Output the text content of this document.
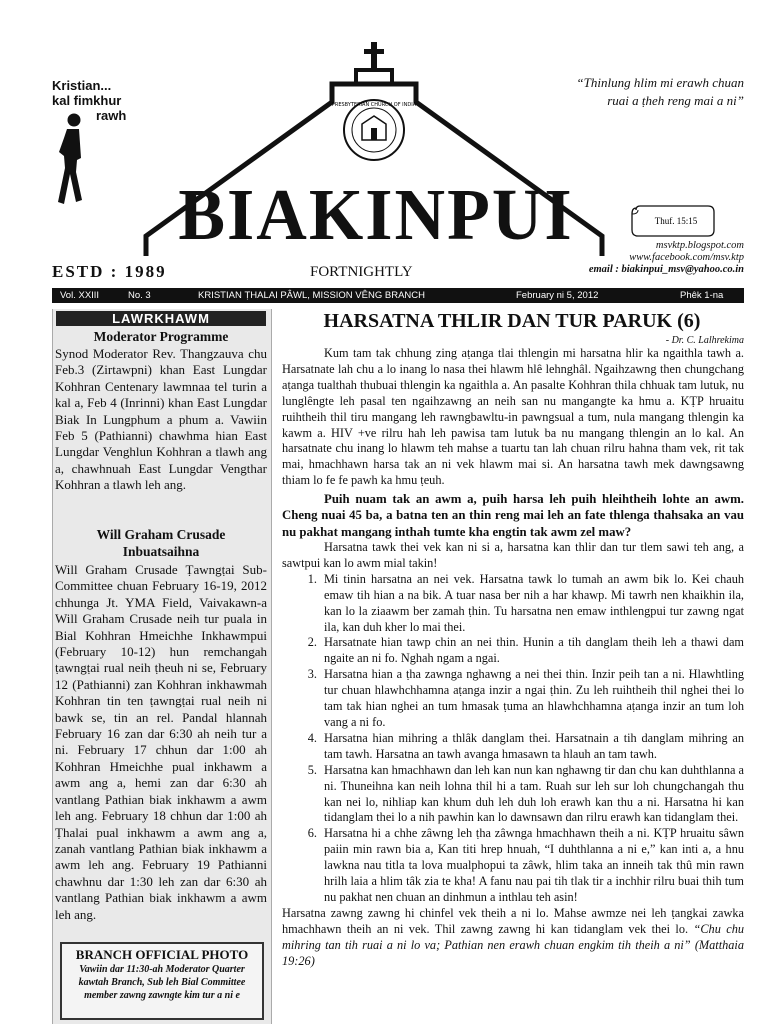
Kristian...
kal fimkhur
rawh
“Thinlung hlim mi erawh chuan
ruai a ṭheh reng mai a ni”
PRESBYTERIAN CHURCH OF INDIA
BIAKINPUI	Thuf. 15:15
ESTD : 1989	FORTNIGHTLY
msvktp.blogspot.com
www.facebook.com/msv.ktp
email : biakinpui_msv@yahoo.co.in
Vol. XXIII	No. 3	KRISTIAN ṬHALAI PÂWL, MISSION VÊNG BRANCH	February ni 5, 2012	Phêk 1-na
LAWRKHAWM
Moderator Programme
Synod Moderator Rev. Thangzauva chu Feb.3 (Zirtawpni) khan East Lungdar Kohhran Centenary lawmnaa tel turin a kal a, Feb 4 (Inrinni) khan East Lungdar Biak In Lungphum a phum a. Vawiin Feb 5 (Pathianni) chawhma hian East Lungdar Venghlun Kohhran a tlawh ang a, chawhnuah East Lungdar Vengthar Kohhran a tlawh leh ang.
Will Graham Crusade
Inbuatsaihna
Will Graham Crusade Ṭawngṭai Sub-Committee chuan February 16-19, 2012 chhunga Jt. YMA Field, Vaivakawn-a Will Graham Crusade neih tur puala in Bial Kohhran Hmeichhe Inkhawmpui (February 10-12) hun remchangah ṭawngṭai rual neih ṭheuh ni se, February 12 (Pathianni) zan Kohhran inkhawmah Kohhran tin ten ṭawngṭai rual neih ni bawk se, tin an rel. Pandal hlannah February 16 zan dar 6:30 ah neih tur a ni. February 17 chhun dar 1:00 ah Kohhran Hmeichhe pual inkhawm a awm ang a, hemi zan dar 6:30 ah vantlang Pathian biak inkhawm a awm leh ang. February 18 chhun dar 1:00 ah Ṭhalai pual inkhawm a awm ang a, zanah vantlang Pathian biak inkhawm a awm leh ang. February 19 Pathianni chawhnu dar 1:30 leh zan dar 6:30 ah vantlang Pathian biak inkhawm a awm leh ang.
BRANCH OFFICIAL PHOTO
Vawiin dar 11:30-ah Moderator Quarter
kawtah Branch, Sub leh Bial Committee
member zawng zawngte kim tur a ni e
HARSATNA THLIR DAN TUR PARUK (6)
- Dr. C. Lalhrekima

Kum tam tak chhung zing aṭanga tlai thlengin mi harsatna hlir ka ngaithla tawh a. Harsatnate lah chu a lo inang lo nasa thei hlawm hlê lehnghâl. Ngaihzawng then chungchang aṭanga tualthah thubuai thlengin ka ngaithla a. An pasalte Kohhran thila chhuak tam lutuk, nu lunglêngte leh pasal ten ngaihzawng an neih san nu mangangte ka hmu a. KṬP hruaitu ruihtheih thil tiru mangang leh rawngbawltu-in pawngsual a tum, nula mangang thlengin ka kawm a. HIV +ve rilru hah leh pawisa tam lutuk ba nu mangang thlengin an lo kal. An harsatnate chu inang lo hlawm teh mahse a tuartu tan lah chuan rilru hahna tham vek, rit tak mai, hmachhawn harsa tak an ni vek hlawm mai si. An harsatna tawh mek dawngsawng thiam lo fe fe pawh ka hmu ṭeuh.

Puih nuam tak an awm a, puih harsa leh puih hleihtheih lohte an awm. Cheng nuai 45 ba, a batna ten an thin reng mai leh an fate thlenga thahsaka an vau nu pakhat mangang inthah tumte kha engtin tak awm zel maw?

Harsatna tawk thei vek kan ni si a, harsatna kan thlir dan tur tlem sawi teh ang, a sawtpui kan lo awm mial takin!

1. Mi tinin harsatna an nei vek. Harsatna tawk lo tumah an awm bik lo. Kei chauh emaw tih hian a na bik. A tuar nasa ber nih a har khawp. Mi tawrh nen khaikhin ila, kan lo la ziaawm ber zamah ṭhin. Tu harsatna nen emaw inthlengpui tur zawng ngat ila, kan duh kher lo mai thei.
2. Harsatnate hian tawp chin an nei thin. Hunin a tih danglam theih leh a thawi dam ngaite an ni fo. Nghah ngam a ngai.
3. Harsatna hian a ṭha zawnga nghawng a nei thei thin. Inzir peih tan a ni. Hlawhtling tur chuan hlawhchhamna aṭanga inzir a ngai ṭhin. Zu leh ruihtheih thil nghei thei lo tam tak hian nghei an tum hmasak ṭuma an hlawhchhamna aṭanga inzir an tum loh vang a ni fo.
4. Harsatna hian mihring a thlâk danglam thei. Harsatnain a tih danglam mihring an tam tawh. Harsatna an tawh avanga hmasawn ta hlauh an tam tawh.
5. Harsatna kan hmachhawn dan leh kan nun kan nghawng tir dan chu kan duhthlanna a ni. Thuneihna kan neih lohna thil hi a tam. Ruah sur leh sur loh chungchangah thu kan nei lo, nihliap kan khum duh leh duh loh erawh kan thu a ni. Harsatna hi kan tidanglam thei lo a nih pawhin kan lo dawnsawn dan rilru erawh kan tidanglam thei.
6. Harsatna hi a chhe zâwng leh ṭha zâwnga hmachhawn theih a ni. KṬP hruaitu sâwn paiin min rawn bia a, Kan titi hrep hnuah, “I duhthlanna a ni e,” kan inti a, a hnu lawkna nau titla ta lova mualphopui ta zâwk, hlim taka an inneih tak thû min rawn hrilh laia a hlim tâk zia te kha! A fanu nau pai tih tlak tir a inchhir rilru buai thih tum nu pakhat nen chuan an dinhmun a inthlau teh asin!

Harsatna zawng zawng hi chinfel vek theih a ni lo. Mahse awmze nei leh ṭangkai zawka hmachhawn theih an ni vek. Thil zawng zawng hi kan tidanglam vek thei lo. “Chu chu mihring tan tih ruai a ni lo va; Pathian nen erawh chuan engkim tih theih a ni” (Matthaia 19:26)
